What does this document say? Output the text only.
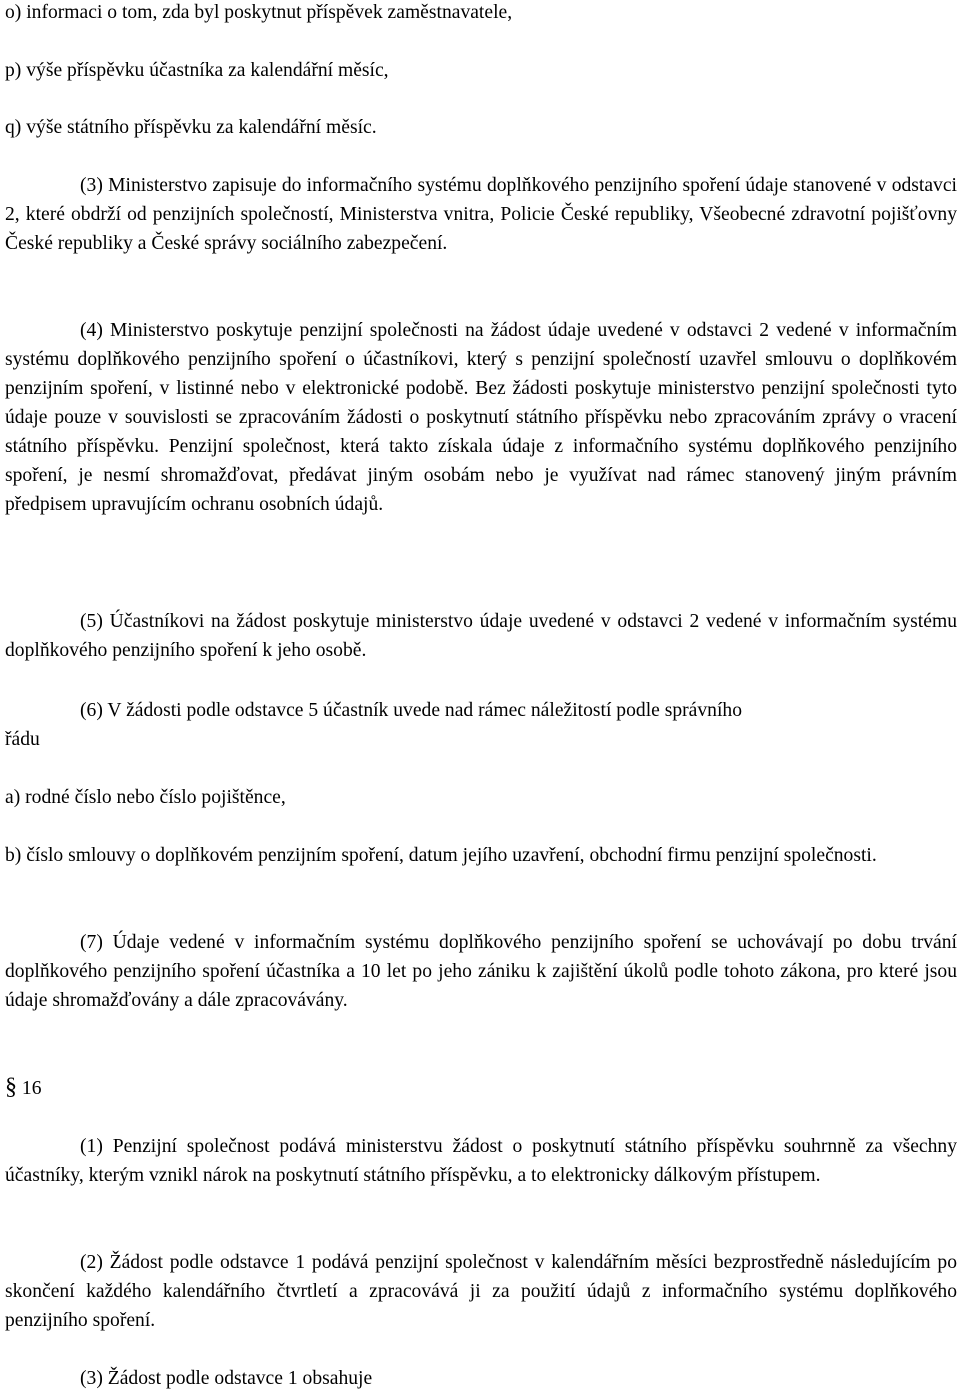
o) informaci o tom, zda byl poskytnut příspěvek zaměstnavatele,
p) výše příspěvku účastníka za kalendářní měsíc,
q) výše státního příspěvku za kalendářní měsíc.

(3) Ministerstvo zapisuje do informačního systému doplňkového penzijního spoření údaje stanovené v odstavci 2, které obdrží od penzijních společností, Ministerstva vnitra, Policie České republiky, Všeobecné zdravotní pojišťovny České republiky a České správy sociálního zabezpečení.

(4) Ministerstvo poskytuje penzijní společnosti na žádost údaje uvedené v odstavci 2 vedené v informačním systému doplňkového penzijního spoření o účastníkovi, který s penzijní společností uzavřel smlouvu o doplňkovém penzijním spoření, v listinné nebo v elektronické podobě. Bez žádosti poskytuje ministerstvo penzijní společnosti tyto údaje pouze v souvislosti se zpracováním žádosti o poskytnutí státního příspěvku nebo zpracováním zprávy o vracení státního příspěvku. Penzijní společnost, která takto získala údaje z informačního systému doplňkového penzijního spoření, je nesmí shromažďovat, předávat jiným osobám nebo je využívat nad rámec stanovený jiným právním předpisem upravujícím ochranu osobních údajů.

(5) Účastníkovi na žádost poskytuje ministerstvo údaje uvedené v odstavci 2 vedené v informačním systému doplňkového penzijního spoření k jeho osobě.

(6) V žádosti podle odstavce 5 účastník uvede nad rámec náležitostí podle správního
řádu
a) rodné číslo nebo číslo pojištěnce,

b) číslo smlouvy o doplňkovém penzijním spoření, datum jejího uzavření, obchodní firmu penzijní společnosti.

(7) Údaje vedené v informačním systému doplňkového penzijního spoření se uchovávají po dobu trvání doplňkového penzijního spoření účastníka a 10 let po jeho zániku k zajištění úkolů podle tohoto zákona, pro které jsou údaje shromažďovány a dále zpracovávány.

§ 16

(1) Penzijní společnost podává ministerstvu žádost o poskytnutí státního příspěvku souhrnně za všechny účastníky, kterým vznikl nárok na poskytnutí státního příspěvku, a to elektronicky dálkovým přístupem.

(2) Žádost podle odstavce 1 podává penzijní společnost v kalendářním měsíci bezprostředně následujícím po skončení každého kalendářního čtvrtletí a zpracovává ji za použití údajů z informačního systému doplňkového penzijního spoření.

(3) Žádost podle odstavce 1 obsahuje
